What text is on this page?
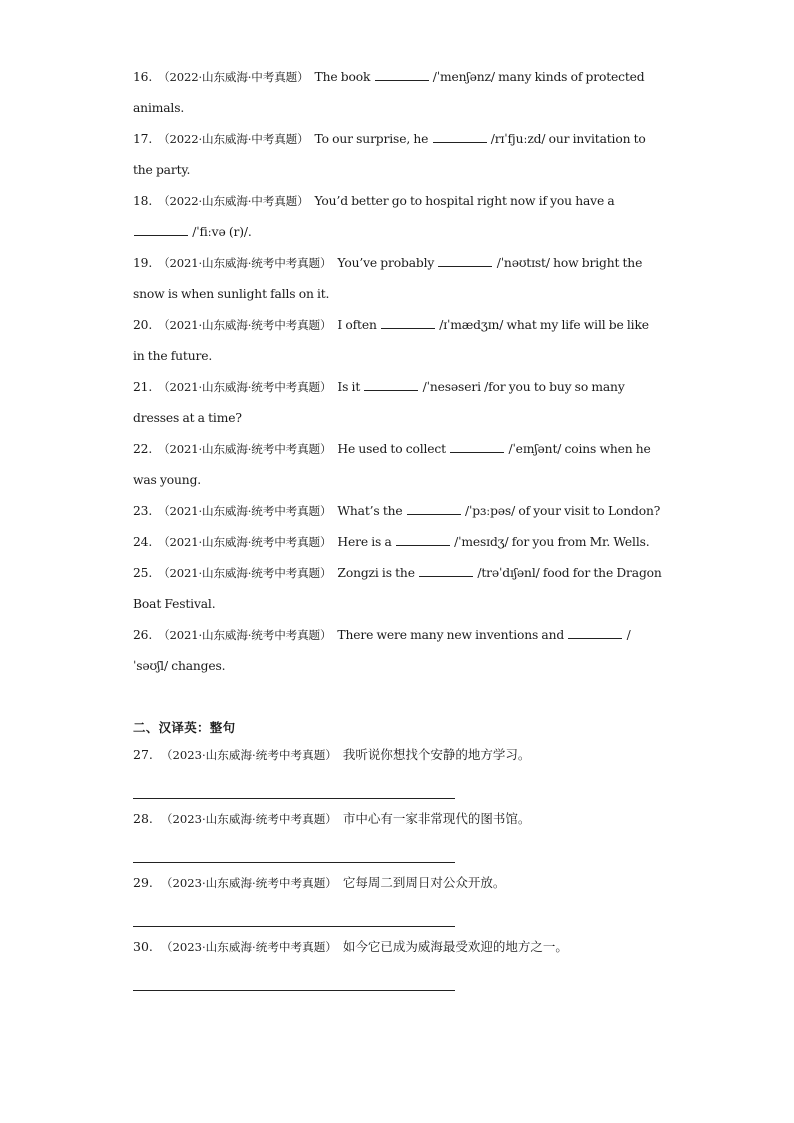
16. （2022·山东威海·中考真题） The book	/ˈmenʃənz/ many kinds of protected animals.
17. （2022·山东威海·中考真题） To our surprise, he	/rɪˈfjuːzd/ our invitation to the party.
18. （2022·山东威海·中考真题） You’d better go to hospital right now if you have a  /ˈfiːvə (r)/.
19. （2021·山东威海·统考中考真题） You’ve probably	/ˈnəʊtɪst/ how bright the snow is when sunlight falls on it.
20. （2021·山东威海·统考中考真题） I often	/ɪˈmædʒɪn/ what my life will be like in the future.
21. （2021·山东威海·统考中考真题） Is it	/ˈnesəseri /for you to buy so many dresses at a time?
22. （2021·山东威海·统考中考真题） He used to collect	/ˈeɪnʃənt/ coins when he was young.
23. （2021·山东威海·统考中考真题） What’s the	/ˈpɜːpəs/ of your visit to London?
24. （2021·山东威海·统考中考真题） Here is a	/ˈmesɪdʒ/ for you from Mr. Wells.
25. （2021·山东威海·统考中考真题） Zongzi is the	/trəˈdɪʃənl/ food for the Dragon Boat Festival.
26. （2021·山东威海·统考中考真题） There were many new inventions and	/ˈsəʊʃl/ changes.
二、汉译英：整句
27. （2023·山东威海·统考中考真题） 我听说你想找个安静的地方学习。
28. （2023·山东威海·统考中考真题） 市中心有一家非常现代的图书馆。
29. （2023·山东威海·统考中考真题） 它每周二到周日对公众开放。
30. （2023·山东威海·统考中考真题） 如今它已成为威海最受欢迎的地方之一。
